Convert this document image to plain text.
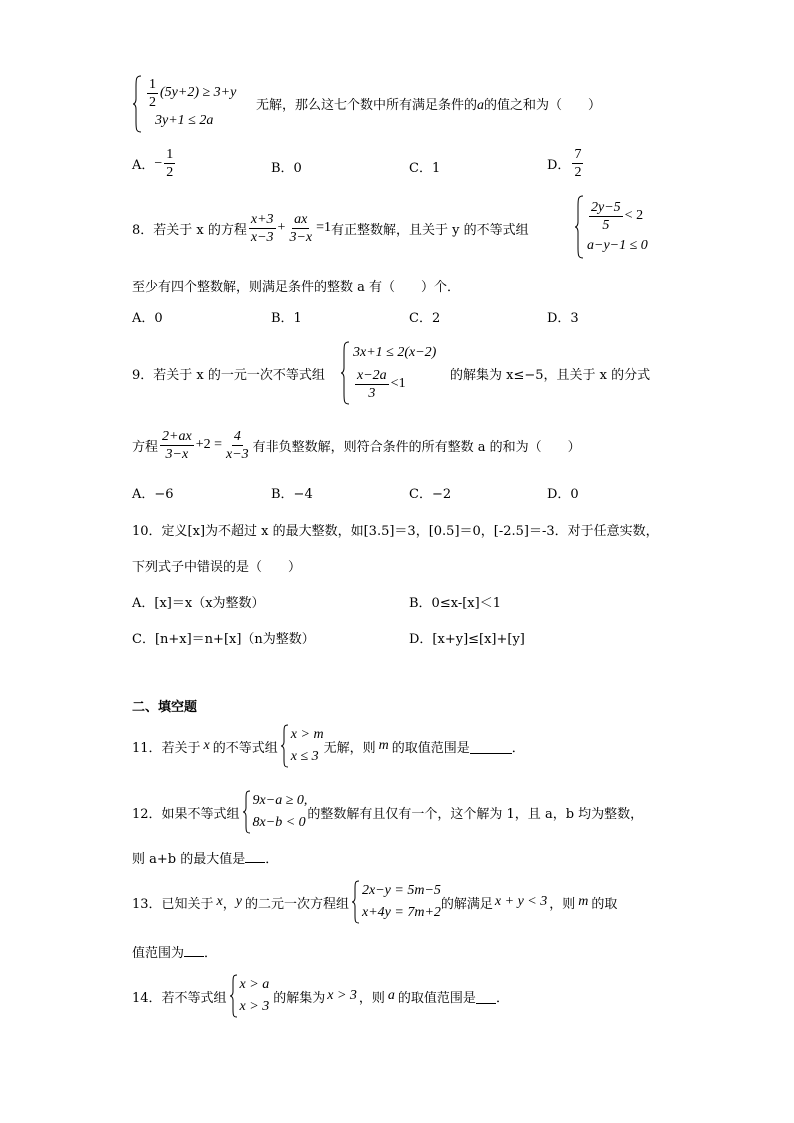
$\frac{1}{2} (5y+2) \ge 3+y$
3y+1 ≤ 2a
无解，那么这七个数中所有满足条件的a的值之和为（　　）
A． − $\frac{1}{2}$	B．0	C．1	D． $\frac{7}{2}$
8．若关于 x 的方程 $\frac{x+3}{x-3} + \frac{ax}{3-x} =1$ 有正整数解，且关于 y 的不等式组	$\frac{2y-5}{5} < 2$
a−y−1 ≤ 0
至少有四个整数解，则满足条件的整数 a 有（　　）个．
A．0	B．1	C．2	D．3
9．若关于 x 的一元一次不等式组
3x+1 ≤ 2(x−2)
$\frac{x-2a}{3} <1$
的解集为 x≤−5，且关于 x 的分式
方程 $\frac{2+ax}{3-x} +2 = \frac{4}{x-3}$ 有非负整数解，则符合条件的所有整数 a 的和为（　　）
A．−6	B．−4	C．−2	D．0
10．定义[x]为不超过 x 的最大整数，如[3.5]＝3，[0.5]＝0，[-2.5]＝-3．对于任意实数，
下列式子中错误的是（　　）
A．[x]＝x（x为整数）	B．0≤x-[x]＜1
C．[n+x]＝n+[x]（n为整数）	D．[x+y]≤[x]+[y]
二、填空题
11．若关于 x 的不等式组
x > m
x ≤ 3
无解，则 m 的取值范围是	．
12．如果不等式组
9x−a ≥ 0,
8x−b < 0
的整数解有且仅有一个，这个解为 1，且 a，b 均为整数，
则 a+b 的最大值是 ．
13．已知关于 x ， y 的二元一次方程组
2x−y = 5m−5
x+4y = 7m+2
的解满足 x + y < 3 ，则 m 的取
值范围为 ．
14．若不等式组
x > a
x > 3
的解集为 x > 3 ，则 a 的取值范围是 ．
